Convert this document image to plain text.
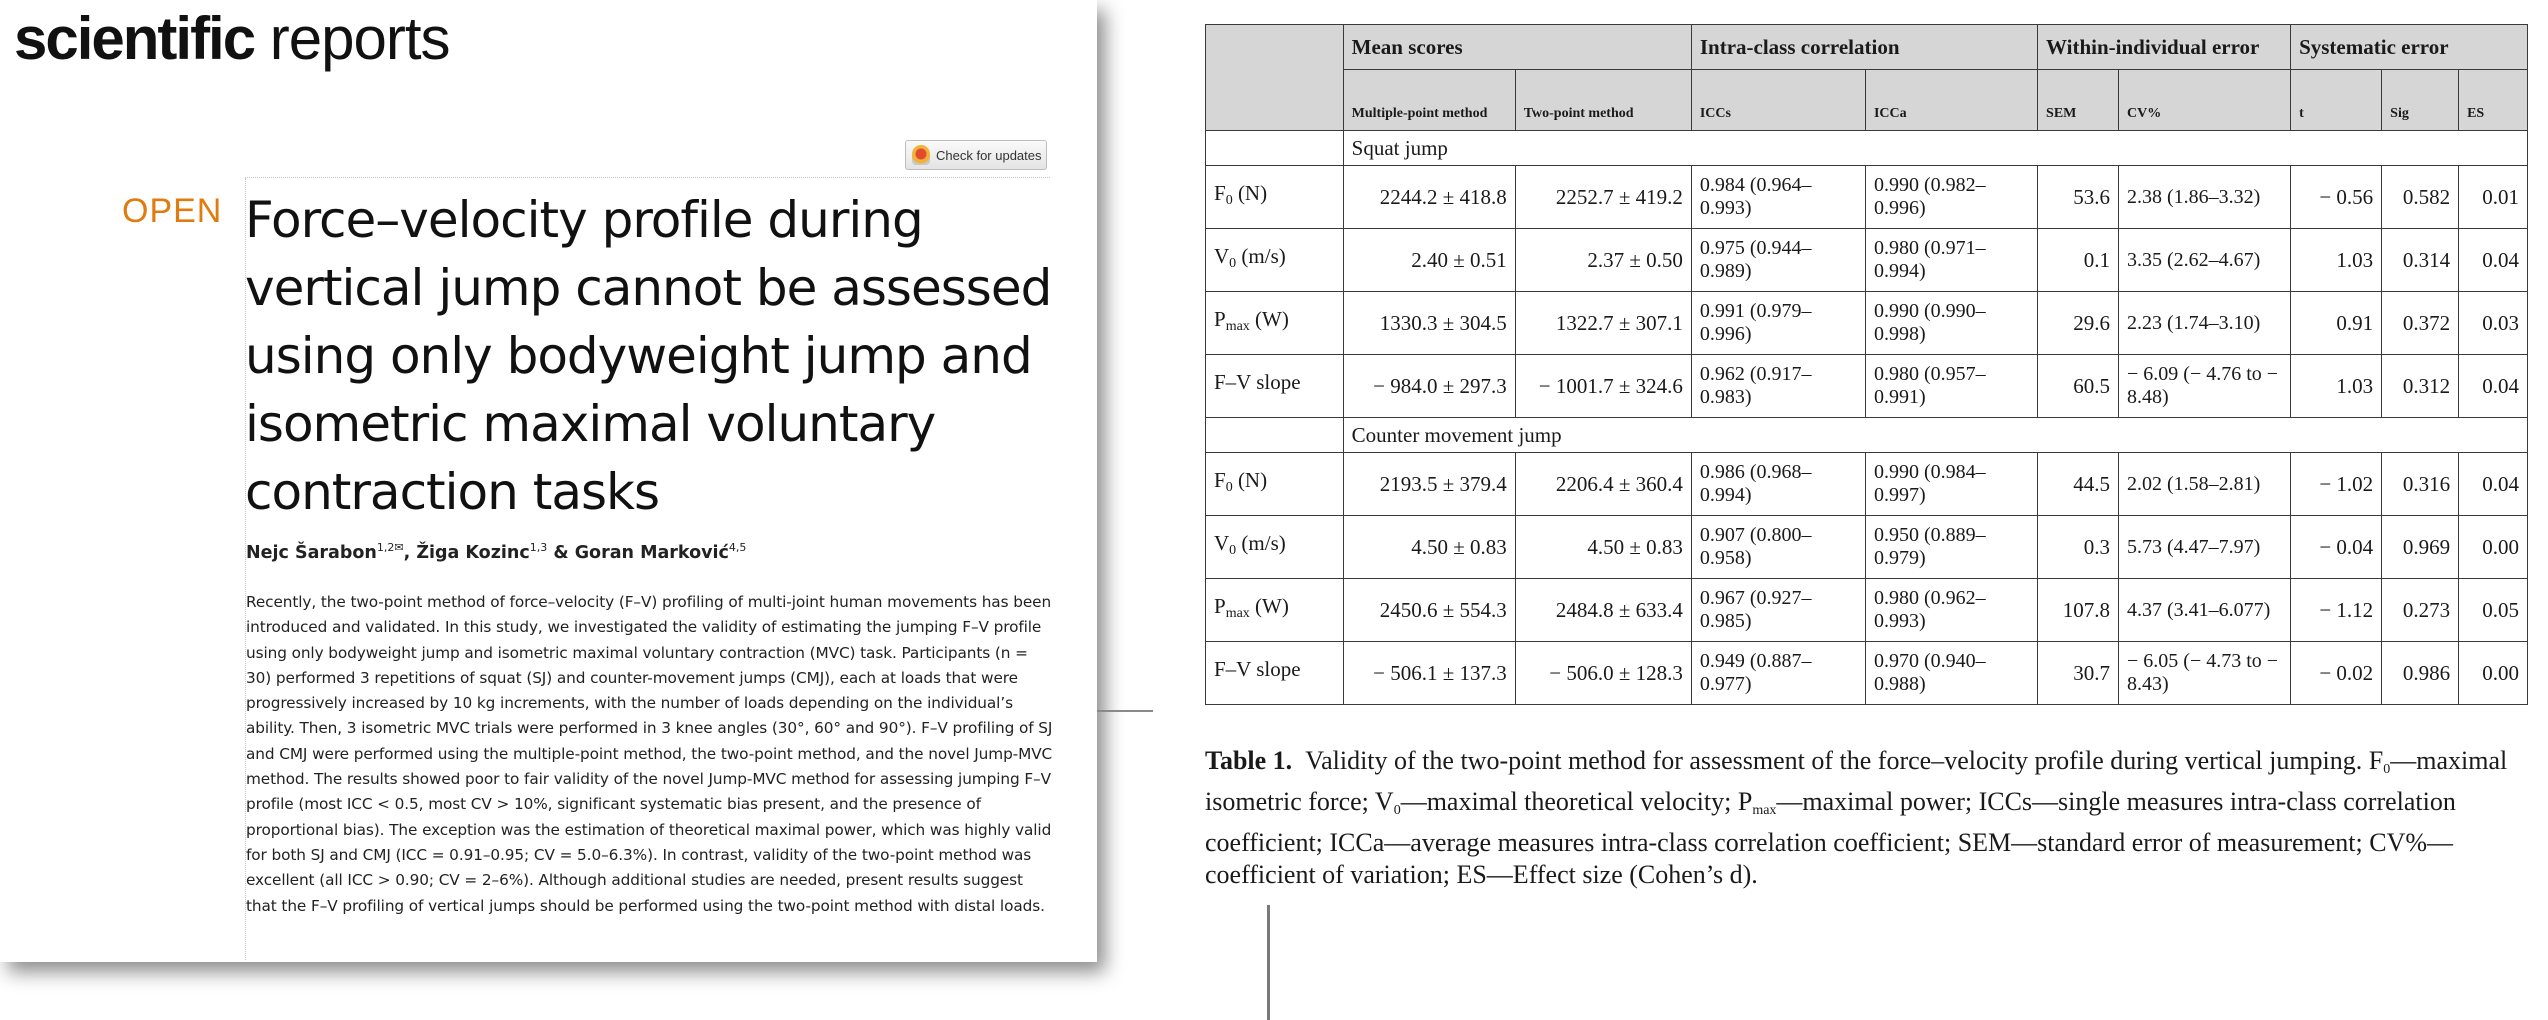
scientific reports
Check for updates
OPEN Force–velocity profile during vertical jump cannot be assessed using only bodyweight jump and isometric maximal voluntary contraction tasks
Nejc Šarabon$^{1,2✉}$, Žiga Kozinc$^{1,3}$ & Goran Marković$^{4,5}$
Recently, the two-point method of force–velocity (F–V) profiling of multi-joint human movements has been introduced and validated. In this study, we investigated the validity of estimating the jumping F–V profile using only bodyweight jump and isometric maximal voluntary contraction (MVC) task. Participants (n = 30) performed 3 repetitions of squat (SJ) and counter-movement jumps (CMJ), each at loads that were progressively increased by 10 kg increments, with the number of loads depending on the individual’s ability. Then, 3 isometric MVC trials were performed in 3 knee angles (30°, 60° and 90°). F–V profiling of SJ and CMJ were performed using the multiple-point method, the two-point method, and the novel Jump-MVC method. The results showed poor to fair validity of the novel Jump-MVC method for assessing jumping F–V profile (most ICC < 0.5, most CV > 10%, significant systematic bias present, and the presence of proportional bias). The exception was the estimation of theoretical maximal power, which was highly valid for both SJ and CMJ (ICC = 0.91–0.95; CV = 5.0–6.3%). In contrast, validity of the two-point method was excellent (all ICC > 0.90; CV = 2–6%). Although additional studies are needed, present results suggest that the F–V profiling of vertical jumps should be performed using the two-point method with distal loads.
	Mean scores		Intra-class correlation		Within-individual error		Systematic error		
	Multiple-point method	Two-point method	ICCs	ICCa	SEM	CV%	t	Sig	ES
	Squat jump								
$F_0$ (N)	2244.2 ± 418.8	2252.7 ± 419.2	0.984 (0.964–0.993)	0.990 (0.982–0.996)	53.6	2.38 (1.86–3.32)	− 0.56	0.582	0.01
$V_0$ (m/s)	2.40 ± 0.51	2.37 ± 0.50	0.975 (0.944–0.989)	0.980 (0.971–0.994)	0.1	3.35 (2.62–4.67)	1.03	0.314	0.04
$P_{max}$ (W)	1330.3 ± 304.5	1322.7 ± 307.1	0.991 (0.979–0.996)	0.990 (0.990–0.998)	29.6	2.23 (1.74–3.10)	0.91	0.372	0.03
F–V slope	− 984.0 ± 297.3	− 1001.7 ± 324.6	0.962 (0.917–0.983)	0.980 (0.957–0.991)	60.5	− 6.09 (− 4.76 to − 8.48)	1.03	0.312	0.04
	Counter movement jump								
$F_0$ (N)	2193.5 ± 379.4	2206.4 ± 360.4	0.986 (0.968–0.994)	0.990 (0.984–0.997)	44.5	2.02 (1.58–2.81)	− 1.02	0.316	0.04
$V_0$ (m/s)	4.50 ± 0.83	4.50 ± 0.83	0.907 (0.800–0.958)	0.950 (0.889–0.979)	0.3	5.73 (4.47–7.97)	− 0.04	0.969	0.00
$P_{max}$ (W)	2450.6 ± 554.3	2484.8 ± 633.4	0.967 (0.927–0.985)	0.980 (0.962–0.993)	107.8	4.37 (3.41–6.077)	− 1.12	0.273	0.05
F–V slope	− 506.1 ± 137.3	− 506.0 ± 128.3	0.949 (0.887–0.977)	0.970 (0.940–0.988)	30.7	− 6.05 (− 4.73 to − 8.43)	− 0.02	0.986	0.00
Table 1. Validity of the two-point method for assessment of the force–velocity profile during vertical jumping. $F_0—maximal$ isometric force; $V_0—maximal$ theoretical velocity; $P_{max}—maximal$ power; ICCs—single measures intra-class correlation coefficient; ICCa—average measures intra-class correlation coefficient; SEM—standard error of measurement; CV%—coefficient of variation; ES—Effect size (Cohen’s d).
